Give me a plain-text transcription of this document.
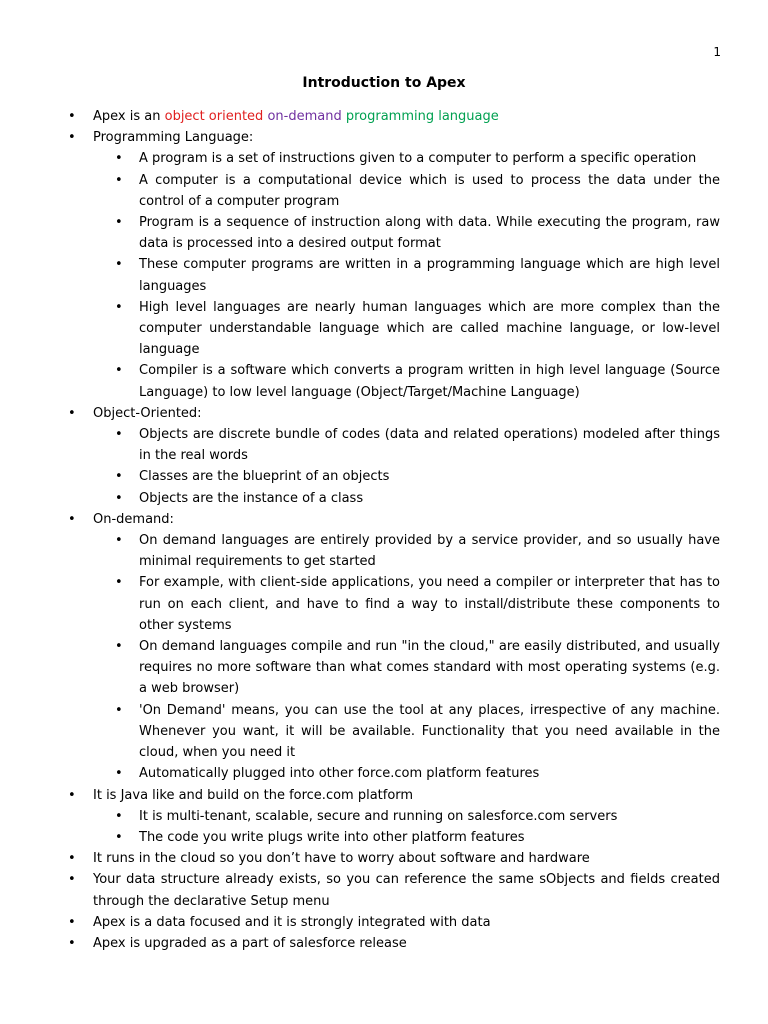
1
Introduction to Apex
• Apex is an object oriented on-demand programming language
• Programming Language:
• A program is a set of instructions given to a computer to perform a specific operation
• A computer is a computational device which is used to process the data under the control of a computer program
• Program is a sequence of instruction along with data. While executing the program, raw data is processed into a desired output format
• These computer programs are written in a programming language which are high level languages
• High level languages are nearly human languages which are more complex than the computer understandable language which are called machine language, or low-level language
• Compiler is a software which converts a program written in high level language (Source Language) to low level language (Object/Target/Machine Language)
• Object-Oriented:
• Objects are discrete bundle of codes (data and related operations) modeled after things in the real words
• Classes are the blueprint of an objects
• Objects are the instance of a class
• On-demand:
• On demand languages are entirely provided by a service provider, and so usually have minimal requirements to get started
• For example, with client-side applications, you need a compiler or interpreter that has to run on each client, and have to find a way to install/distribute these components to other systems
• On demand languages compile and run "in the cloud," are easily distributed, and usually requires no more software than what comes standard with most operating systems (e.g. a web browser)
• 'On Demand' means, you can use the tool at any places, irrespective of any machine. Whenever you want, it will be available. Functionality that you need available in the cloud, when you need it
• Automatically plugged into other force.com platform features
• It is Java like and build on the force.com platform
• It is multi-tenant, scalable, secure and running on salesforce.com servers
• The code you write plugs write into other platform features
• It runs in the cloud so you don’t have to worry about software and hardware
• Your data structure already exists, so you can reference the same sObjects and fields created through the declarative Setup menu
• Apex is a data focused and it is strongly integrated with data
• Apex is upgraded as a part of salesforce release
